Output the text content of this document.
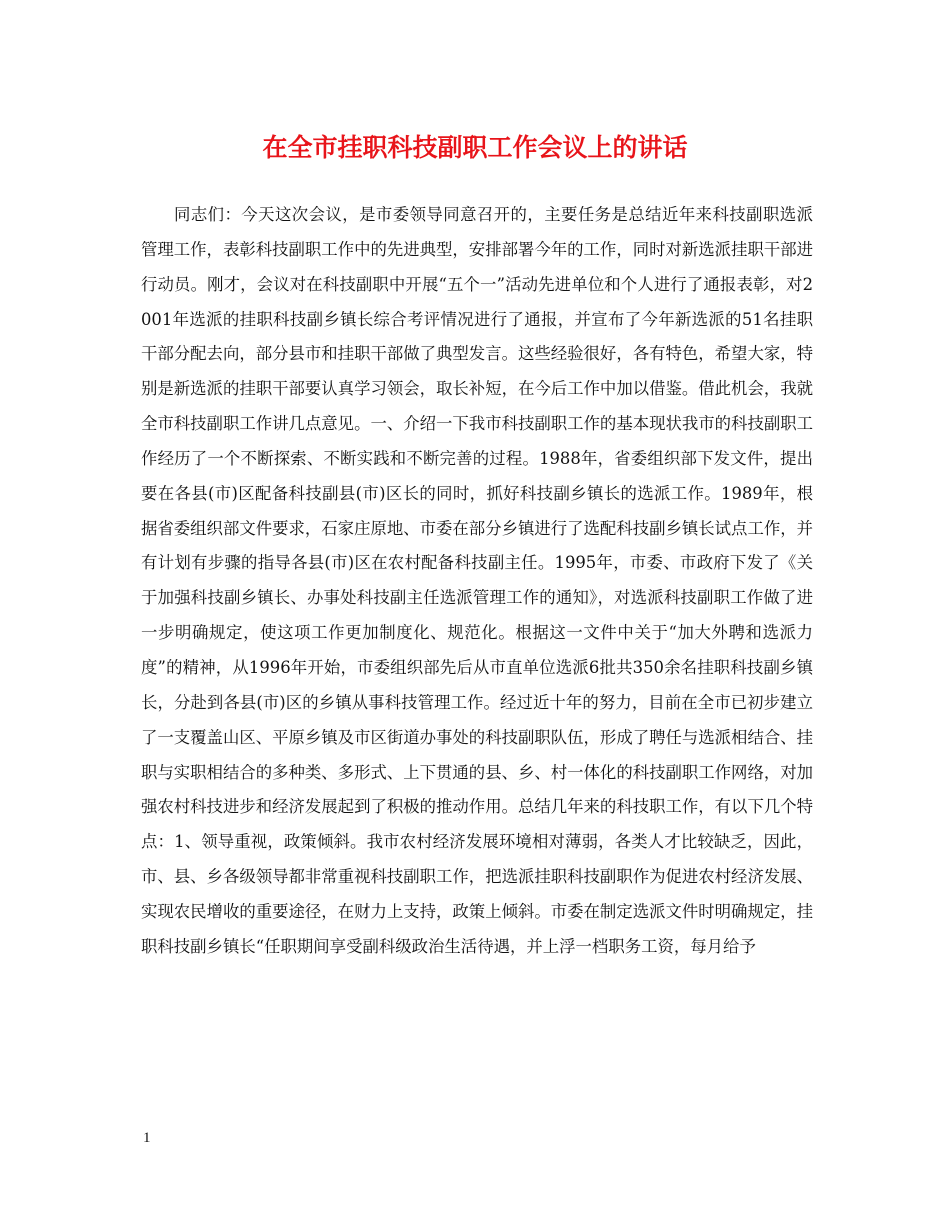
在全市挂职科技副职工作会议上的讲话

同志们：今天这次会议，是市委领导同意召开的，主要任务是总结近年来科技副职选派管理工作，表彰科技副职工作中的先进典型，安排部署今年的工作，同时对新选派挂职干部进行动员。刚才，会议对在科技副职中开展“五个一”活动先进单位和个人进行了通报表彰，对2001年选派的挂职科技副乡镇长综合考评情况进行了通报，并宣布了今年新选派的51名挂职干部分配去向，部分县市和挂职干部做了典型发言。这些经验很好，各有特色，希望大家，特别是新选派的挂职干部要认真学习领会，取长补短，在今后工作中加以借鉴。借此机会，我就全市科技副职工作讲几点意见。一、介绍一下我市科技副职工作的基本现状我市的科技副职工作经历了一个不断探索、不断实践和不断完善的过程。1988年，省委组织部下发文件，提出要在各县(市)区配备科技副县(市)区长的同时，抓好科技副乡镇长的选派工作。1989年，根据省委组织部文件要求，石家庄原地、市委在部分乡镇进行了选配科技副乡镇长试点工作，并有计划有步骤的指导各县(市)区在农村配备科技副主任。1995年，市委、市政府下发了《关于加强科技副乡镇长、办事处科技副主任选派管理工作的通知》，对选派科技副职工作做了进一步明确规定，使这项工作更加制度化、规范化。根据这一文件中关于“加大外聘和选派力度”的精神，从1996年开始，市委组织部先后从市直单位选派6批共350余名挂职科技副乡镇长，分赴到各县(市)区的乡镇从事科技管理工作。经过近十年的努力，目前在全市已初步建立了一支覆盖山区、平原乡镇及市区街道办事处的科技副职队伍，形成了聘任与选派相结合、挂职与实职相结合的多种类、多形式、上下贯通的县、乡、村一体化的科技副职工作网络，对加强农村科技进步和经济发展起到了积极的推动作用。总结几年来的科技职工作，有以下几个特点：1、领导重视，政策倾斜。我市农村经济发展环境相对薄弱，各类人才比较缺乏，因此，市、县、乡各级领导都非常重视科技副职工作，把选派挂职科技副职作为促进农村经济发展、实现农民增收的重要途径，在财力上支持，政策上倾斜。市委在制定选派文件时明确规定，挂职科技副乡镇长“任职期间享受副科级政治生活待遇，并上浮一档职务工资，每月给予

1
